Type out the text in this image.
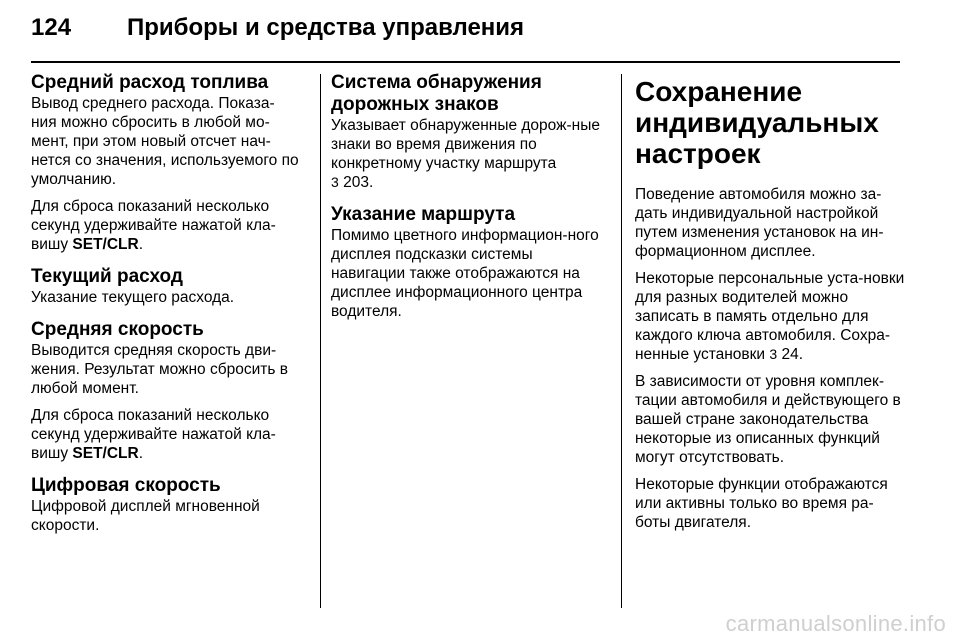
124	Приборы и средства управления
Средний расход топлива

Вывод среднего расхода. Показа-ния можно сбросить в любой мо-мент, при этом новый отсчет нач-нется со значения, используемого по умолчанию.

Для сброса показаний несколько секунд удерживайте нажатой кла-вишу SET/CLR.

Текущий расход

Указание текущего расхода.

Средняя скорость

Выводится средняя скорость дви-жения. Результат можно сбросить в любой момент.

Для сброса показаний несколько секунд удерживайте нажатой кла-вишу SET/CLR.

Цифровая скорость

Цифровой дисплей мгновенной скорости.

Система обнаружения дорожных знаков

Указывает обнаруженные дорож-ные знаки во время движения по конкретному участку маршрута
3 203.

Указание маршрута

Помимо цветного информацион-ного дисплея подсказки системы навигации также отображаются на дисплее информационного центра водителя.

Сохранение индивидуальных настроек

Поведение автомобиля можно за-дать индивидуальной настройкой путем изменения установок на ин-формационном дисплее.

Некоторые персональные уста-новки для разных водителей можно записать в память отдельно для каждого ключа автомобиля. Сохра-ненные установки 3 24.

В зависимости от уровня комплек-тации автомобиля и действующего в вашей стране законодательства некоторые из описанных функций могут отсутствовать.

Некоторые функции отображаются или активны только во время ра-боты двигателя.

carmanualsonline.info
